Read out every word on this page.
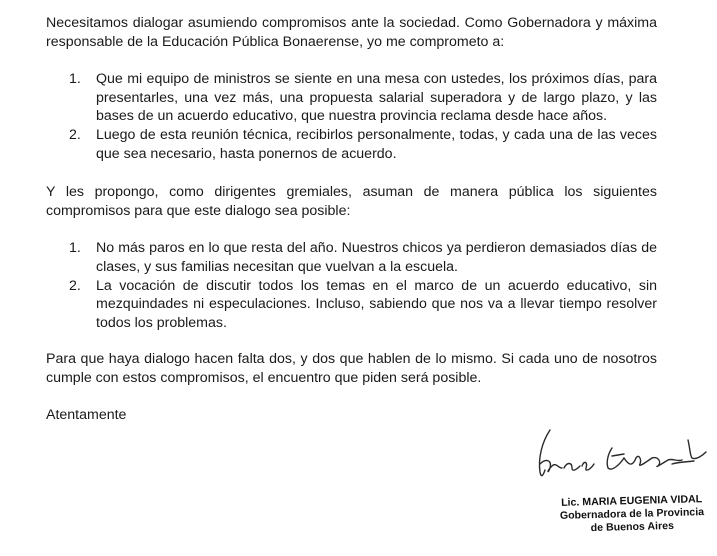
Necesitamos dialogar asumiendo compromisos ante la sociedad. Como Gobernadora y máxima responsable de la Educación Pública Bonaerense, yo me comprometo a:

1. Que mi equipo de ministros se siente en una mesa con ustedes, los próximos días, para presentarles, una vez más, una propuesta salarial superadora y de largo plazo, y las bases de un acuerdo educativo, que nuestra provincia reclama desde hace años.
2. Luego de esta reunión técnica, recibirlos personalmente, todas, y cada una de las veces que sea necesario, hasta ponernos de acuerdo.

Y les propongo, como dirigentes gremiales, asuman de manera pública los siguientes compromisos para que este dialogo sea posible:

1. No más paros en lo que resta del año. Nuestros chicos ya perdieron demasiados días de clases, y sus familias necesitan que vuelvan a la escuela.
2. La vocación de discutir todos los temas en el marco de un acuerdo educativo, sin mezquindades ni especulaciones. Incluso, sabiendo que nos va a llevar tiempo resolver todos los problemas.

Para que haya dialogo hacen falta dos, y dos que hablen de lo mismo. Si cada uno de nosotros cumple con estos compromisos, el encuentro que piden será posible.

Atentamente

Lic. MARIA EUGENIA VIDAL
Gobernadora de la Provincia
de Buenos Aires
